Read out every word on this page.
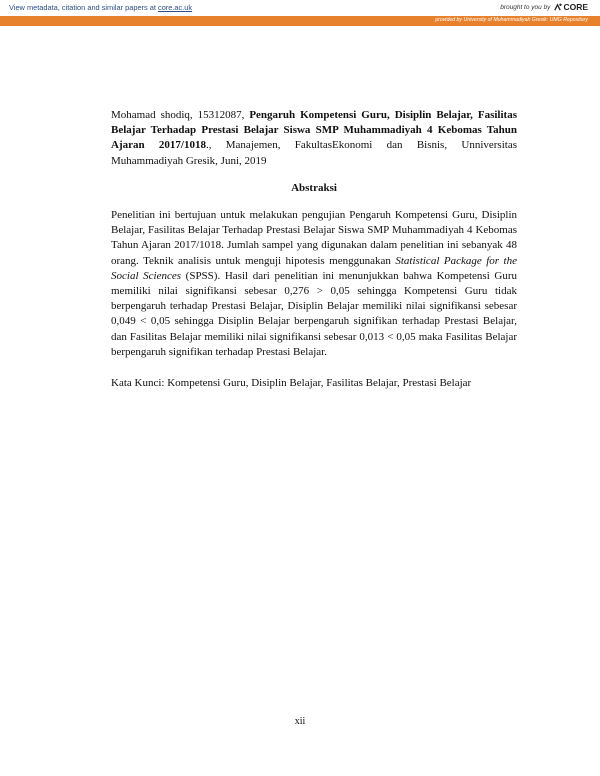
View metadata, citation and similar papers at core.ac.uk	brought to you by CORE
provided by University of Muhammadiyah Gresik: UMG Repository

Mohamad shodiq, 15312087, Pengaruh Kompetensi Guru, Disiplin Belajar, Fasilitas Belajar Terhadap Prestasi Belajar Siswa SMP Muhammadiyah 4 Kebomas Tahun Ajaran 2017/1018., Manajemen, FakultasEkonomi dan Bisnis, Unniversitas Muhammadiyah Gresik, Juni, 2019

Abstraksi

Penelitian ini bertujuan untuk melakukan pengujian Pengaruh Kompetensi Guru, Disiplin Belajar, Fasilitas Belajar Terhadap Prestasi Belajar Siswa SMP Muhammadiyah 4 Kebomas Tahun Ajaran 2017/1018. Jumlah sampel yang digunakan dalam penelitian ini sebanyak 48 orang. Teknik analisis untuk menguji hipotesis menggunakan Statistical Package for the Social Sciences (SPSS). Hasil dari penelitian ini menunjukkan bahwa Kompetensi Guru memiliki nilai signifikansi sebesar 0,276 > 0,05 sehingga Kompetensi Guru tidak berpengaruh terhadap Prestasi Belajar, Disiplin Belajar memiliki nilai signifikansi sebesar 0,049 < 0,05 sehingga Disiplin Belajar berpengaruh signifikan terhadap Prestasi Belajar, dan Fasilitas Belajar memiliki nilai signifikansi sebesar 0,013 < 0,05 maka Fasilitas Belajar berpengaruh signifikan terhadap Prestasi Belajar.

Kata Kunci: Kompetensi Guru, Disiplin Belajar, Fasilitas Belajar, Prestasi Belajar

xii
